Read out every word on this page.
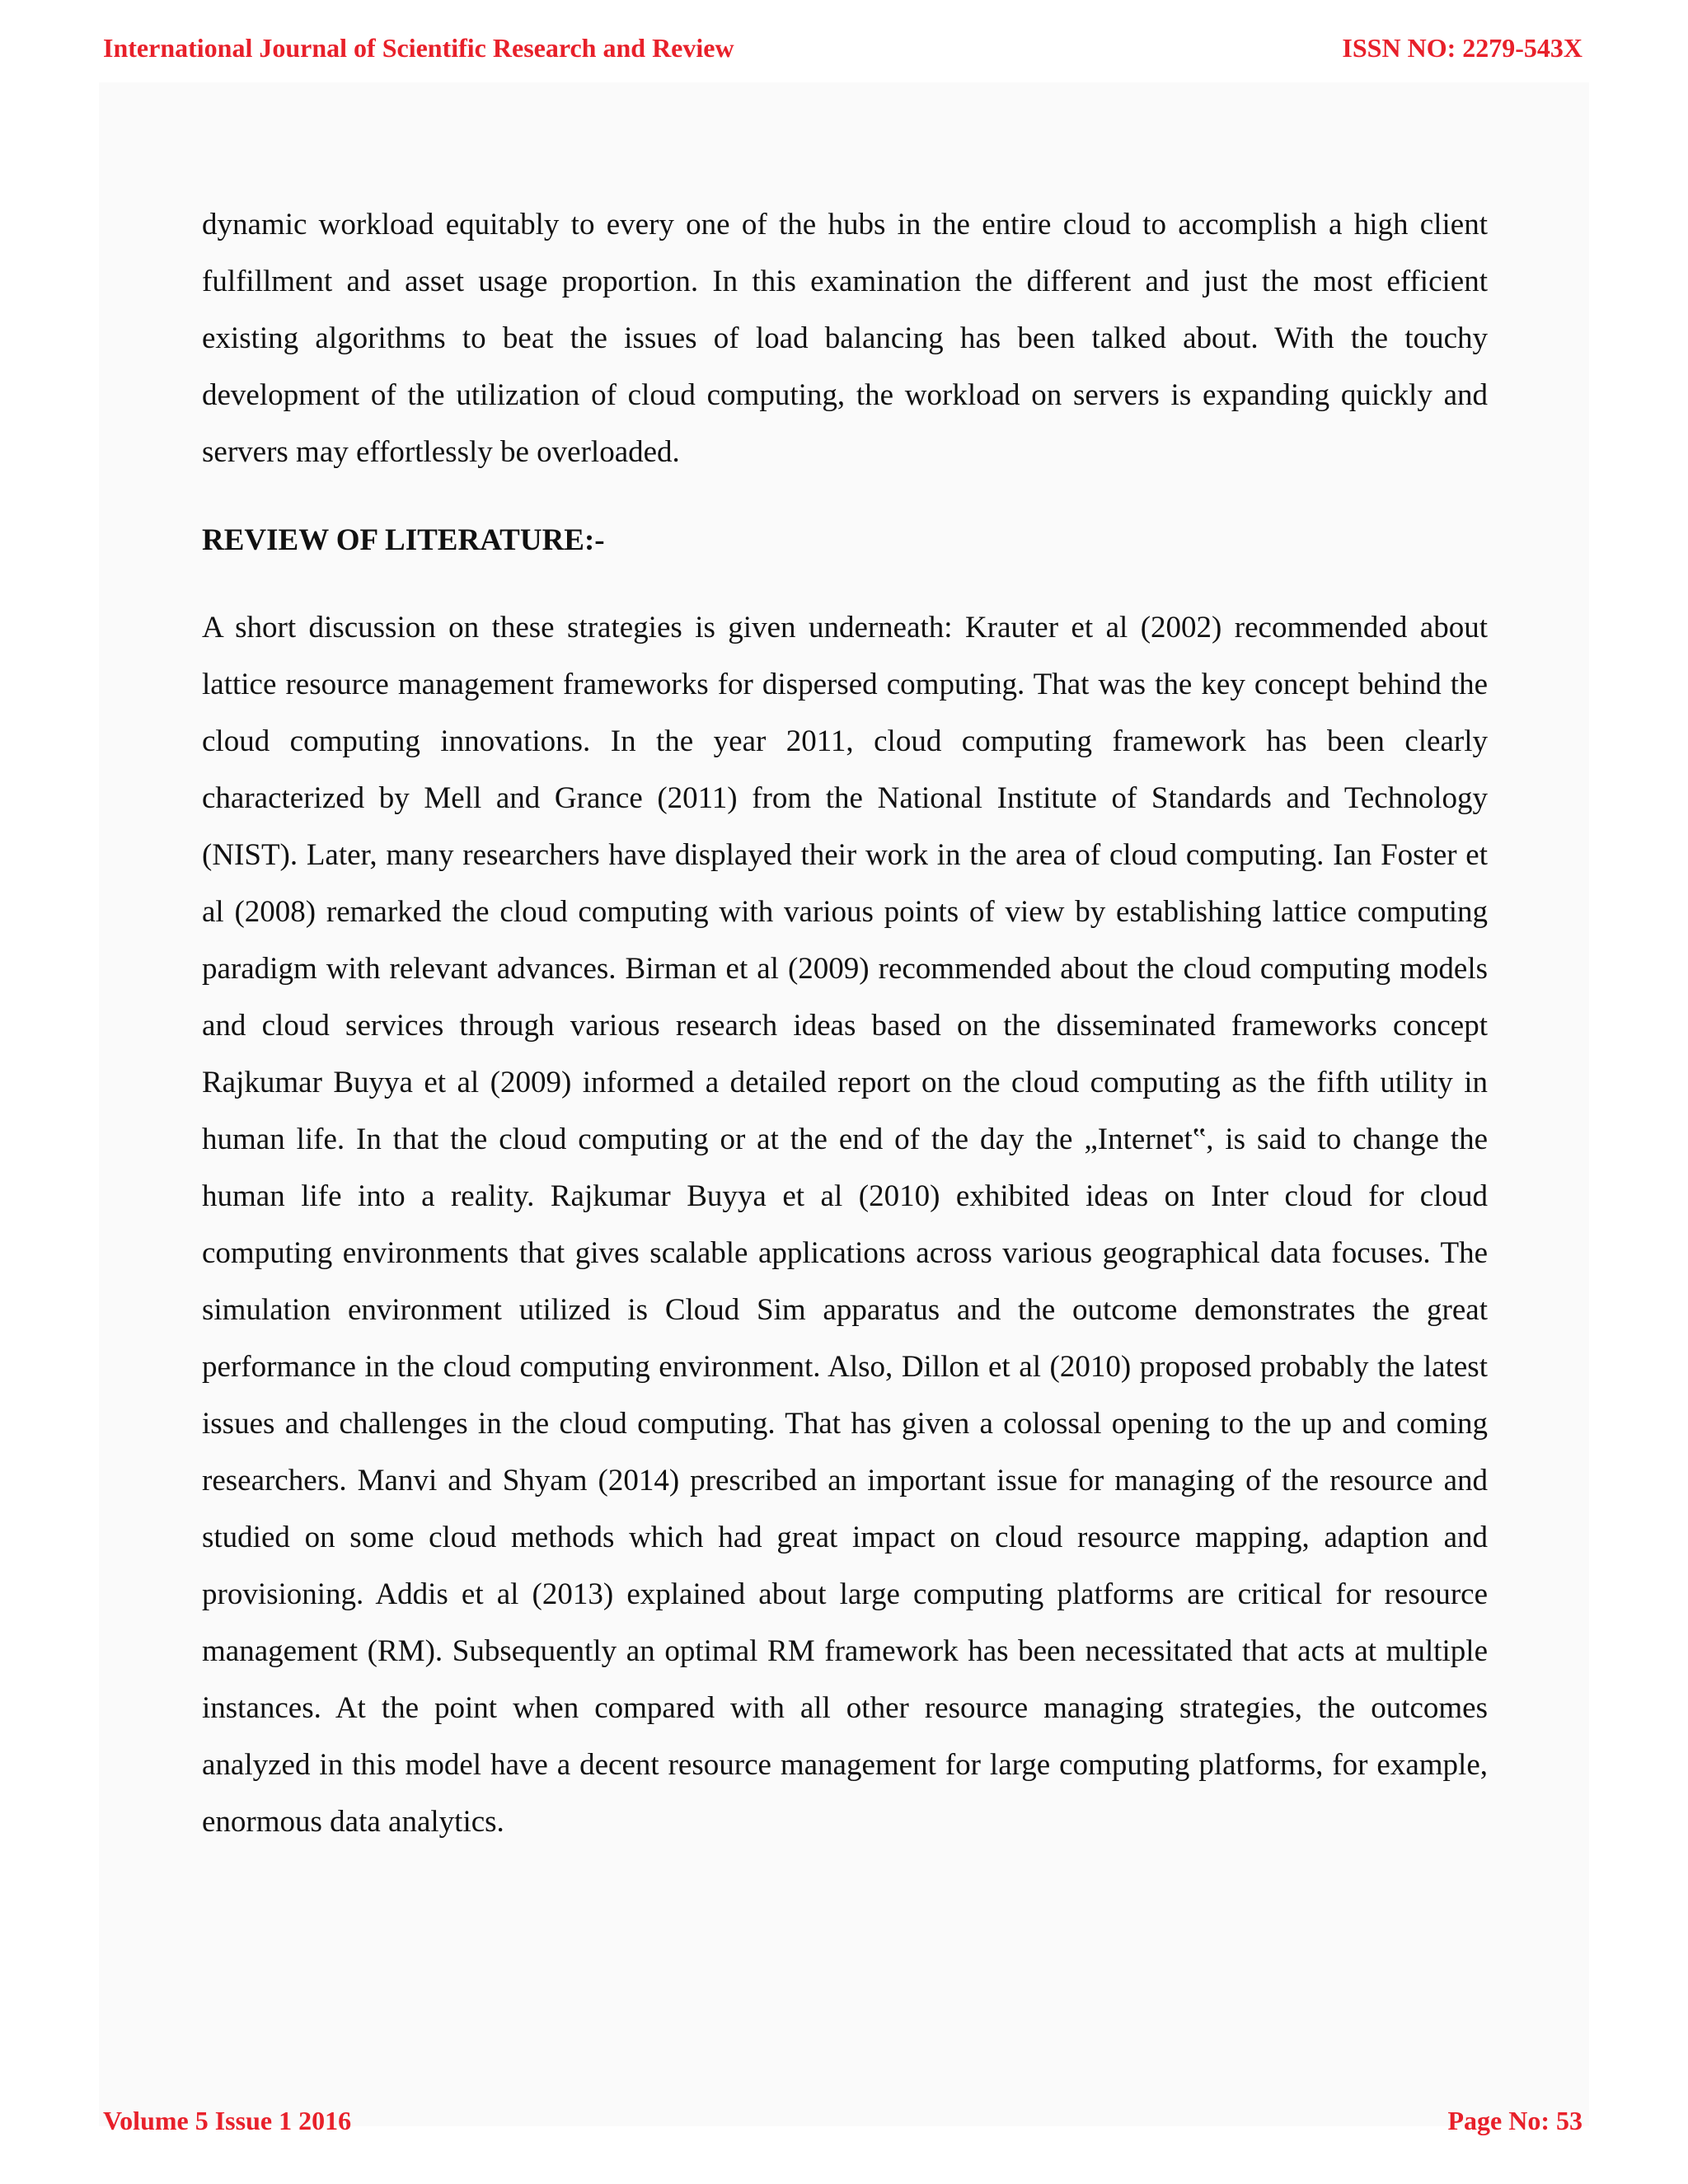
International Journal of Scientific Research and Review	ISSN NO: 2279-543X

dynamic workload equitably to every one of the hubs in the entire cloud to accomplish a high client fulfillment and asset usage proportion. In this examination the different and just the most efficient existing algorithms to beat the issues of load balancing has been talked about. With the touchy development of the utilization of cloud computing, the workload on servers is expanding quickly and servers may effortlessly be overloaded.

REVIEW OF LITERATURE:-

A short discussion on these strategies is given underneath: Krauter et al (2002) recommended about lattice resource management frameworks for dispersed computing. That was the key concept behind the cloud computing innovations. In the year 2011, cloud computing framework has been clearly characterized by Mell and Grance (2011) from the National Institute of Standards and Technology (NIST). Later, many researchers have displayed their work in the area of cloud computing. Ian Foster et al (2008) remarked the cloud computing with various points of view by establishing lattice computing paradigm with relevant advances. Birman et al (2009) recommended about the cloud computing models and cloud services through various research ideas based on the disseminated frameworks concept Rajkumar Buyya et al (2009) informed a detailed report on the cloud computing as the fifth utility in human life. In that the cloud computing or at the end of the day the „Internet‟, is said to change the human life into a reality. Rajkumar Buyya et al (2010) exhibited ideas on Inter cloud for cloud computing environments that gives scalable applications across various geographical data focuses. The simulation environment utilized is Cloud Sim apparatus and the outcome demonstrates the great performance in the cloud computing environment. Also, Dillon et al (2010) proposed probably the latest issues and challenges in the cloud computing. That has given a colossal opening to the up and coming researchers. Manvi and Shyam (2014) prescribed an important issue for managing of the resource and studied on some cloud methods which had great impact on cloud resource mapping, adaption and provisioning. Addis et al (2013) explained about large computing platforms are critical for resource management (RM). Subsequently an optimal RM framework has been necessitated that acts at multiple instances. At the point when compared with all other resource managing strategies, the outcomes analyzed in this model have a decent resource management for large computing platforms, for example, enormous data analytics.

Volume 5 Issue 1 2016	Page No: 53
